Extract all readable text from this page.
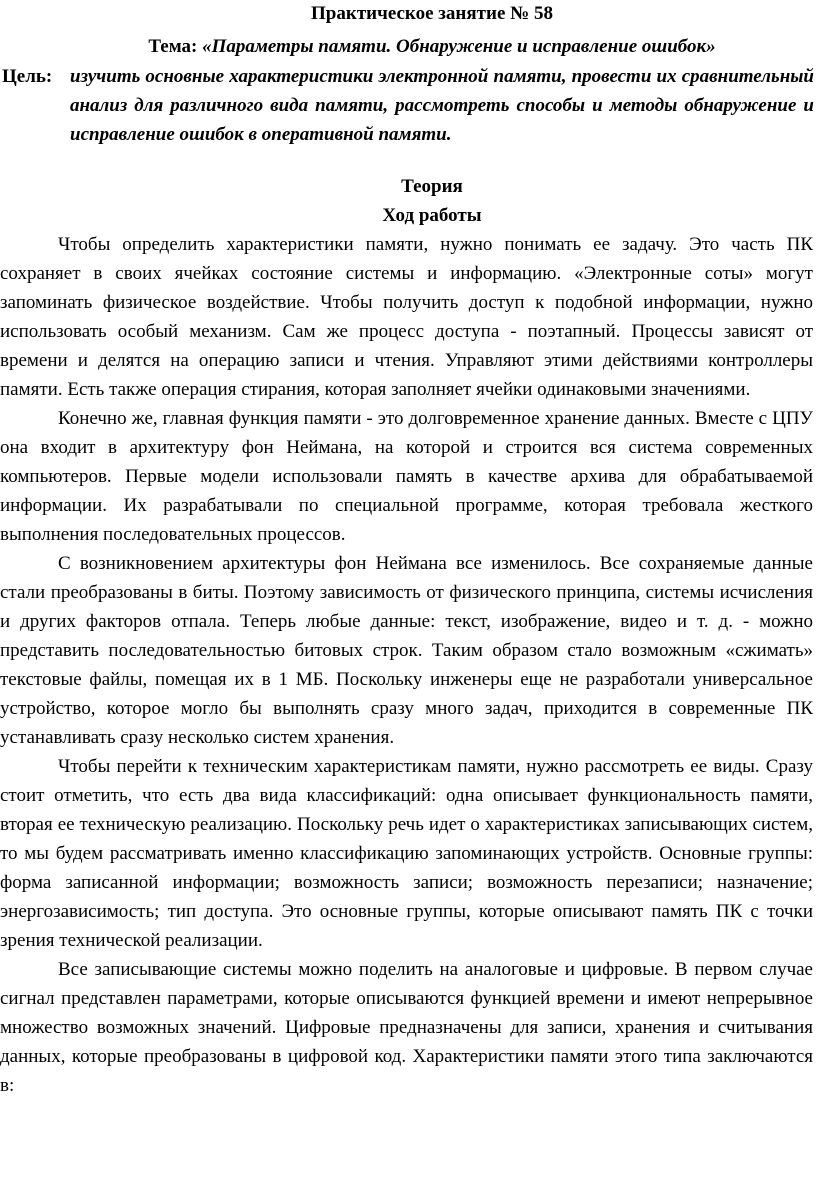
Практическое занятие № 58
Тема: «Параметры памяти. Обнаружение и исправление ошибок»
Цель: изучить основные характеристики электронной памяти, провести их сравнительный анализ для различного вида памяти, рассмотреть способы и методы обнаружение и исправление ошибок в оперативной памяти.
Теория
Ход работы

Чтобы определить характеристики памяти, нужно понимать ее задачу. Это часть ПК сохраняет в своих ячейках состояние системы и информацию. «Электронные соты» могут запоминать физическое воздействие. Чтобы получить доступ к подобной информации, нужно использовать особый механизм. Сам же процесс доступа - поэтапный. Процессы зависят от времени и делятся на операцию записи и чтения. Управляют этими действиями контроллеры памяти. Есть также операция стирания, которая заполняет ячейки одинаковыми значениями.

Конечно же, главная функция памяти - это долговременное хранение данных. Вместе с ЦПУ она входит в архитектуру фон Неймана, на которой и строится вся система современных компьютеров. Первые модели использовали память в качестве архива для обрабатываемой информации. Их разрабатывали по специальной программе, которая требовала жесткого выполнения последовательных процессов.

С возникновением архитектуры фон Неймана все изменилось. Все сохраняемые данные стали преобразованы в биты. Поэтому зависимость от физического принципа, системы исчисления и других факторов отпала. Теперь любые данные: текст, изображение, видео и т. д. - можно представить последовательностью битовых строк. Таким образом стало возможным «сжимать» текстовые файлы, помещая их в 1 МБ. Поскольку инженеры еще не разработали универсальное устройство, которое могло бы выполнять сразу много задач, приходится в современные ПК устанавливать сразу несколько систем хранения.

Чтобы перейти к техническим характеристикам памяти, нужно рассмотреть ее виды. Сразу стоит отметить, что есть два вида классификаций: одна описывает функциональность памяти, вторая ее техническую реализацию. Поскольку речь идет о характеристиках записывающих систем, то мы будем рассматривать именно классификацию запоминающих устройств. Основные группы: форма записанной информации; возможность записи; возможность перезаписи; назначение; энергозависимость; тип доступа. Это основные группы, которые описывают память ПК с точки зрения технической реализации.

Все записывающие системы можно поделить на аналоговые и цифровые. В первом случае сигнал представлен параметрами, которые описываются функцией времени и имеют непрерывное множество возможных значений. Цифровые предназначены для записи, хранения и считывания данных, которые преобразованы в цифровой код. Характеристики памяти этого типа заключаются в:
